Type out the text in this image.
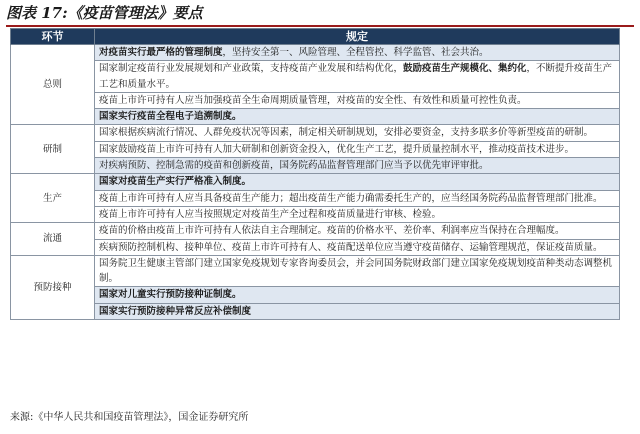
图表 17:《疫苗管理法》要点
环节	规定
总则	对疫苗实行最严格的管理制度，坚持安全第一、风险管理、全程管控、科学监管、社会共治。
	国家制定疫苗行业发展规划和产业政策，支持疫苗产业发展和结构优化，鼓励疫苗生产规模化、集约化，不断提升疫苗生产工艺和质量水平。
	疫苗上市许可持有人应当加强疫苗全生命周期质量管理，对疫苗的安全性、有效性和质量可控性负责。
	国家实行疫苗全程电子追溯制度。
研制	国家根据疾病流行情况、人群免疫状况等因素，制定相关研制规划，安排必要资金，支持多联多价等新型疫苗的研制。
	国家鼓励疫苗上市许可持有人加大研制和创新资金投入，优化生产工艺，提升质量控制水平，推动疫苗技术进步。
	对疾病预防、控制急需的疫苗和创新疫苗，国务院药品监督管理部门应当予以优先审评审批。
生产	国家对疫苗生产实行严格准入制度。
	疫苗上市许可持有人应当具备疫苗生产能力；超出疫苗生产能力确需委托生产的，应当经国务院药品监督管理部门批准。
	疫苗上市许可持有人应当按照规定对疫苗生产全过程和疫苗质量进行审核、检验。
流通	疫苗的价格由疫苗上市许可持有人依法自主合理制定。疫苗的价格水平、差价率、利润率应当保持在合理幅度。
	疾病预防控制机构、接种单位、疫苗上市许可持有人、疫苗配送单位应当遵守疫苗储存、运输管理规范，保证疫苗质量。
预防接种	国务院卫生健康主管部门建立国家免疫规划专家咨询委员会，并会同国务院财政部门建立国家免疫规划疫苗种类动态调整机制。
	国家对儿童实行预防接种证制度。
	国家实行预防接种异常反应补偿制度
来源:《中华人民共和国疫苗管理法》，国金证券研究所
